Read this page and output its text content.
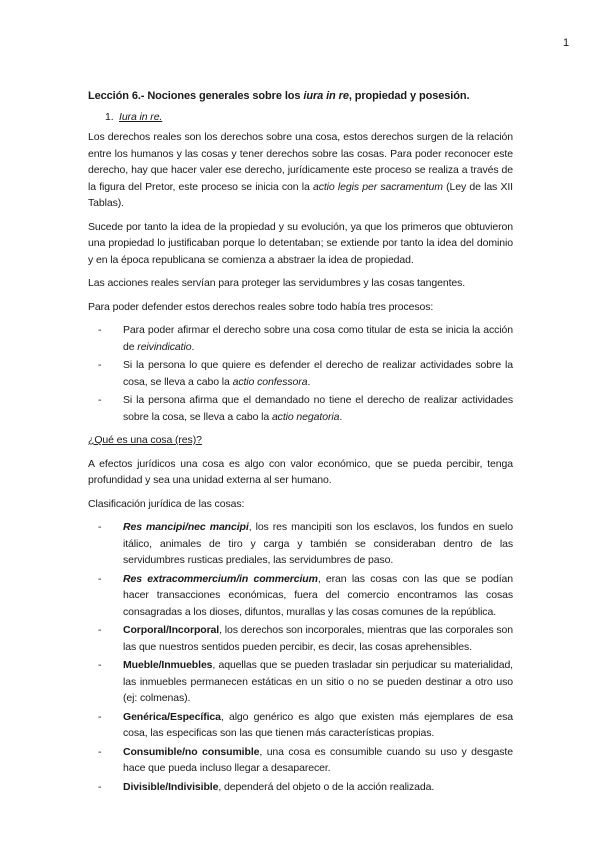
1
Lección 6.- Nociones generales sobre los iura in re, propiedad y posesión.
1. Iura in re.

Los derechos reales son los derechos sobre una cosa, estos derechos surgen de la relación entre los humanos y las cosas y tener derechos sobre las cosas. Para poder reconocer este derecho, hay que hacer valer ese derecho, jurídicamente este proceso se realiza a través de la figura del Pretor, este proceso se inicia con la actio legis per sacramentum (Ley de las XII Tablas).

Sucede por tanto la idea de la propiedad y su evolución, ya que los primeros que obtuvieron una propiedad lo justificaban porque lo detentaban; se extiende por tanto la idea del dominio y en la época republicana se comienza a abstraer la idea de propiedad.

Las acciones reales servían para proteger las servidumbres y las cosas tangentes.

Para poder defender estos derechos reales sobre todo había tres procesos:

- Para poder afirmar el derecho sobre una cosa como titular de esta se inicia la acción de reivindicatio.
- Si la persona lo que quiere es defender el derecho de realizar actividades sobre la cosa, se lleva a cabo la actio confessora.
- Si la persona afirma que el demandado no tiene el derecho de realizar actividades sobre la cosa, se lleva a cabo la actio negatoria.
¿Qué es una cosa (res)?

A efectos jurídicos una cosa es algo con valor económico, que se pueda percibir, tenga profundidad y sea una unidad externa al ser humano.

Clasificación jurídica de las cosas:
- Res mancipi/nec mancipi, los res mancipiti son los esclavos, los fundos en suelo itálico, animales de tiro y carga y también se consideraban dentro de las servidumbres rusticas prediales, las servidumbres de paso.
- Res extracommercium/in commercium, eran las cosas con las que se podían hacer transacciones económicas, fuera del comercio encontramos las cosas consagradas a los dioses, difuntos, murallas y las cosas comunes de la república.
- Corporal/Incorporal, los derechos son incorporales, mientras que las corporales son las que nuestros sentidos pueden percibir, es decir, las cosas aprehensibles.
- Mueble/Inmuebles, aquellas que se pueden trasladar sin perjudicar su materialidad, las inmuebles permanecen estáticas en un sitio o no se pueden destinar a otro uso (ej: colmenas).
- Genérica/Específica, algo genérico es algo que existen más ejemplares de esa cosa, las especificas son las que tienen más características propias.
- Consumible/no consumible, una cosa es consumible cuando su uso y desgaste hace que pueda incluso llegar a desaparecer.
- Divisible/Indivisible, dependerá del objeto o de la acción realizada.
